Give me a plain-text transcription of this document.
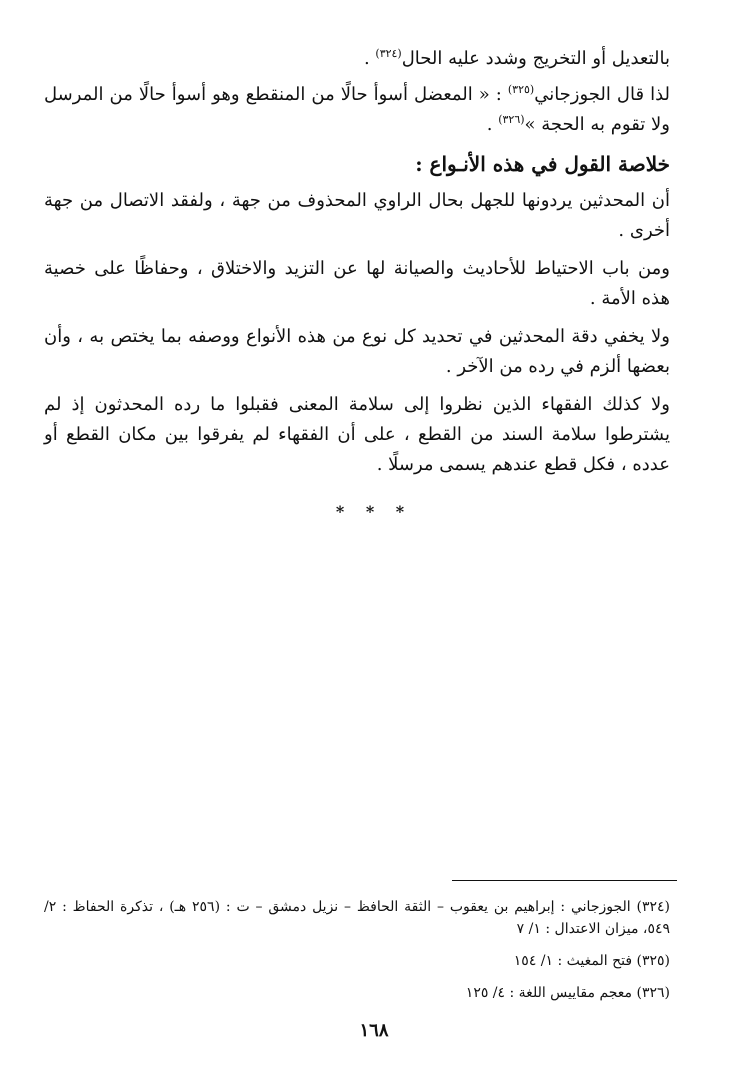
بالتعديل أو التخريج وشدد عليه الحال$^{(٣٢٤)}$ .

لذا قال الجوزجاني$^{(٣٢٥)}$ : « المعضل أسوأ حالًا من المنقطع وهو أسوأ حالًا من المرسل ولا تقوم به الحجة »$^{(٣٢٦)}$ .

خلاصة القول في هذه الأنـواع :

أن المحدثين يردونها للجهل بحال الراوي المحذوف من جهة ، ولفقد الاتصال من جهة أخرى .

ومن باب الاحتياط للأحاديث والصيانة لها عن التزيد والاختلاق ، وحفاظًا على خصية هذه الأمة .

ولا يخفي دقة المحدثين في تحديد كل نوع من هذه الأنواع ووصفه بما يختص به ، وأن بعضها ألزم في رده من الآخر .

ولا كذلك الفقهاء الذين نظروا إلى سلامة المعنى فقبلوا ما رده المحدثون إذ لم يشترطوا سلامة السند من القطع ، على أن الفقهاء لم يفرقوا بين مكان القطع أو عدده ، فكل قطع عندهم يسمى مرسلًا .

* * *

(٣٢٤) الجوزجاني : إبراهيم بن يعقوب – الثقة الحافظ – نزيل دمشق – ت : (٢٥٦ هـ) ، تذكرة الحفاظ : ٢/ ٥٤٩، ميزان الاعتدال : ١/ ٧

(٣٢٥) فتح المغيث : ١/ ١٥٤

(٣٢٦) معجم مقاييس اللغة : ٤/ ١٢٥

١٦٨
